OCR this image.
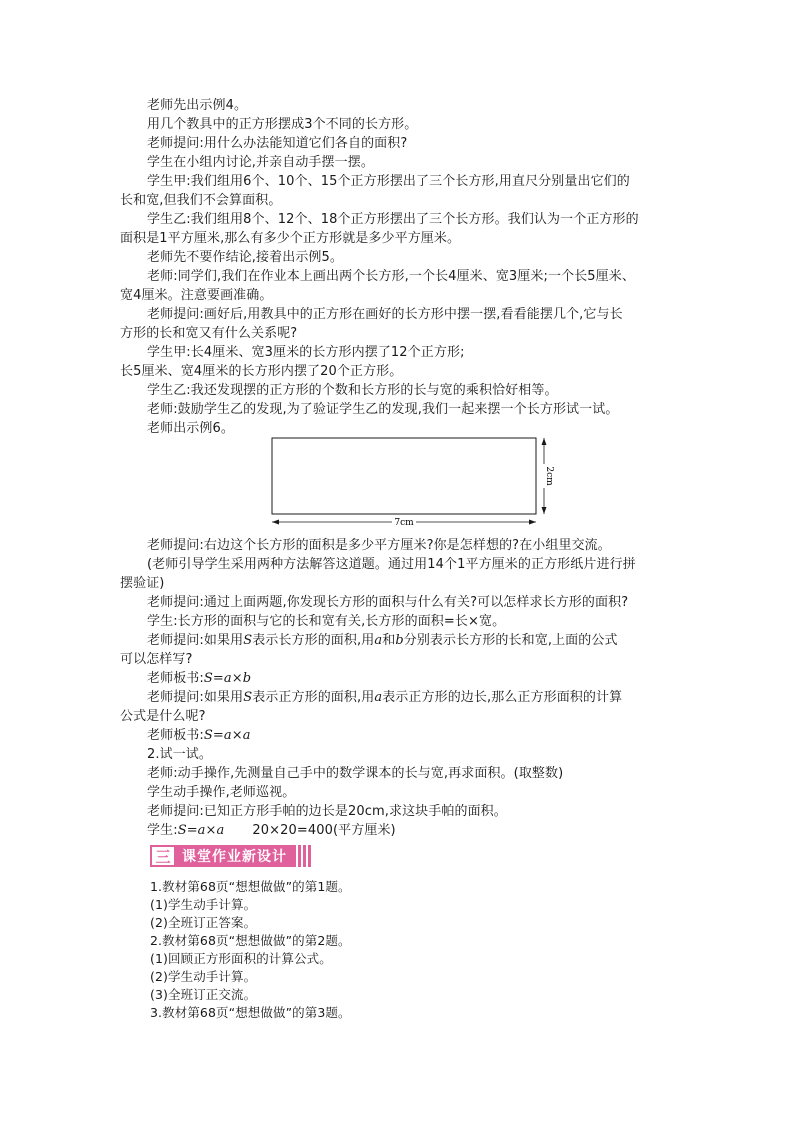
老师先出示例4。
用几个教具中的正方形摆成3个不同的长方形。
老师提问:用什么办法能知道它们各自的面积?
学生在小组内讨论,并亲自动手摆一摆。
学生甲:我们组用6个、10个、15个正方形摆出了三个长方形,用直尺分别量出它们的
长和宽,但我们不会算面积。
学生乙:我们组用8个、12个、18个正方形摆出了三个长方形。我们认为一个正方形的
面积是1平方厘米,那么有多少个正方形就是多少平方厘米。
老师先不要作结论,接着出示例5。
老师:同学们,我们在作业本上画出两个长方形,一个长4厘米、宽3厘米;一个长5厘米、
宽4厘米。注意要画准确。
老师提问:画好后,用教具中的正方形在画好的长方形中摆一摆,看看能摆几个,它与长
方形的长和宽又有什么关系呢?
学生甲:长4厘米、宽3厘米的长方形内摆了12个正方形;
长5厘米、宽4厘米的长方形内摆了20个正方形。
学生乙:我还发现摆的正方形的个数和长方形的长与宽的乘积恰好相等。
老师:鼓励学生乙的发现,为了验证学生乙的发现,我们一起来摆一个长方形试一试。
老师出示例6。
7cm
2cm
老师提问:右边这个长方形的面积是多少平方厘米?你是怎样想的?在小组里交流。
(老师引导学生采用两种方法解答这道题。通过用14个1平方厘米的正方形纸片进行拼
摆验证)
老师提问:通过上面两题,你发现长方形的面积与什么有关?可以怎样求长方形的面积?
学生:长方形的面积与它的长和宽有关,长方形的面积=长×宽。
老师提问:如果用S表示长方形的面积,用a和b分别表示长方形的长和宽,上面的公式
可以怎样写?
老师板书:S=a×b
老师提问:如果用S表示正方形的面积,用a表示正方形的边长,那么正方形面积的计算
公式是什么呢?
老师板书:S=a×a
2.试一试。
老师:动手操作,先测量自己手中的数学课本的长与宽,再求面积。(取整数)
学生动手操作,老师巡视。
老师提问:已知正方形手帕的边长是20cm,求这块手帕的面积。
学生:S=a×a 20×20=400(平方厘米)
三 课堂作业新设计
1.教材第68页“想想做做”的第1题。
(1)学生动手计算。
(2)全班订正答案。
2.教材第68页“想想做做”的第2题。
(1)回顾正方形面积的计算公式。
(2)学生动手计算。
(3)全班订正交流。
3.教材第68页“想想做做”的第3题。
